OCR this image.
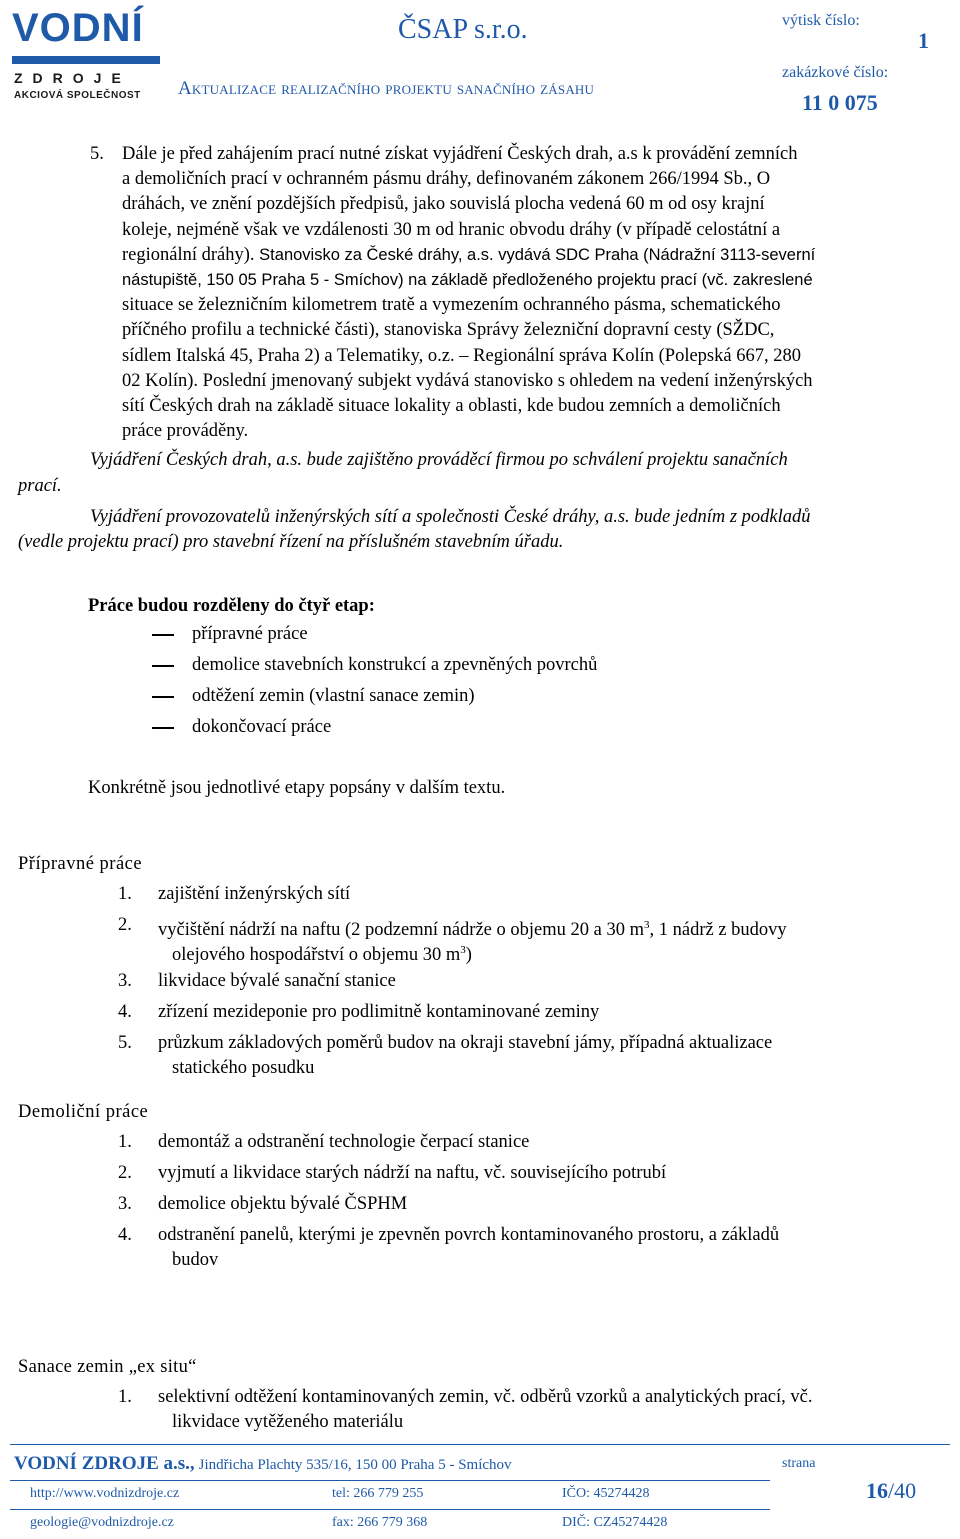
VODNÍ
ZDROJE
AKCIOVÁ SPOLEČNOST
ČSAP s.r.o.
Aktualizace realizačního projektu sanačního zásahu
výtisk číslo:
1
zakázkové číslo:
11 0 075
5. Dále je před zahájením prací nutné získat vyjádření Českých drah, a.s k provádění zemních
a demoličních prací v ochranném pásmu dráhy, definovaném zákonem 266/1994 Sb., O
dráhách, ve znění pozdějších předpisů, jako souvislá plocha vedená 60 m od osy krajní
koleje, nejméně však ve vzdálenosti 30 m od hranic obvodu dráhy (v případě celostátní a
regionální dráhy). Stanovisko za České dráhy, a.s. vydává SDC Praha (Nádražní 3113-severní
nástupiště, 150 05 Praha 5 - Smíchov) na základě předloženého projektu prací (vč. zakreslené
situace se železničním kilometrem tratě a vymezením ochranného pásma, schematického
příčného profilu a technické části), stanoviska Správy železniční dopravní cesty (SŽDC,
sídlem Italská 45, Praha 2) a Telematiky, o.z. – Regionální správa Kolín (Polepská 667, 280
02 Kolín). Poslední jmenovaný subjekt vydává stanovisko s ohledem na vedení inženýrských
sítí Českých drah na základě situace lokality a oblasti, kde budou zemních a demoličních
práce prováděny.
Vyjádření Českých drah, a.s. bude zajištěno prováděcí firmou po schválení projektu sanačních
prací.
Vyjádření provozovatelů inženýrských sítí a společnosti České dráhy, a.s. bude jedním z podkladů
(vedle projektu prací) pro stavební řízení na příslušném stavebním úřadu.
Práce budou rozděleny do čtyř etap:
přípravné práce
demolice stavebních konstrukcí a zpevněných povrchů
odtěžení zemin (vlastní sanace zemin)
dokončovací práce
Konkrétně jsou jednotlivé etapy popsány v dalším textu.
Přípravné práce
1. zajištění inženýrských sítí
2. vyčištění nádrží na naftu (2 podzemní nádrže o objemu 20 a 30 $m^3$, 1 nádrž z budovy
olejového hospodářství o objemu 30 $m^3$)
3. likvidace bývalé sanační stanice
4. zřízení mezideponie pro podlimitně kontaminované zeminy
5. průzkum základových poměrů budov na okraji stavební jámy, případná aktualizace
statického posudku
Demoliční práce
1. demontáž a odstranění technologie čerpací stanice
2. vyjmutí a likvidace starých nádrží na naftu, vč. souvisejícího potrubí
3. demolice objektu bývalé ČSPHM
4. odstranění panelů, kterými je zpevněn povrch kontaminovaného prostoru, a základů
budov
Sanace zemin „ex situ“
1. selektivní odtěžení kontaminovaných zemin, vč. odběrů vzorků a analytických prací, vč.
likvidace vytěženého materiálu
VODNÍ ZDROJE a.s., Jindřicha Plachty 535/16, 150 00 Praha 5 - Smíchov	strana
http://www.vodnizdroje.cz	tel: 266 779 255	IČO: 45274428	16/40
geologie@vodnizdroje.cz	fax: 266 779 368	DIČ: CZ45274428
